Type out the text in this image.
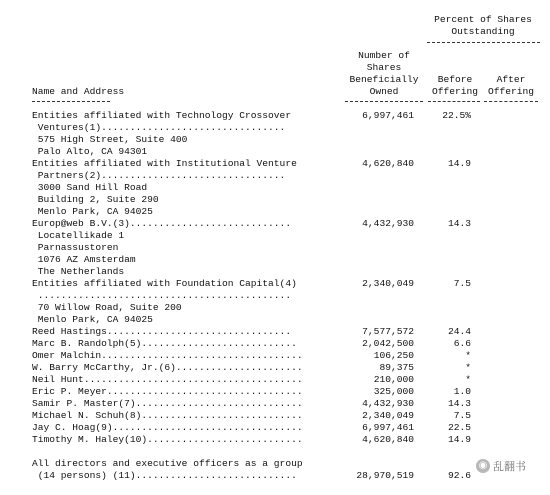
Percent of Shares
Outstanding
Number of
Shares
Beneficially
Owned
Name and Address
Before
Offering
After
Offering
Entities affiliated with Technology Crossover
Ventures(1)................................
575 High Street, Suite 400
Palo Alto, CA 94301
6,997,461	22.5%
Entities affiliated with Institutional Venture
Partners(2)................................
3000 Sand Hill Road
Building 2, Suite 290
Menlo Park, CA 94025
4,620,840	14.9
Europ@web B.V.(3)............................
Locatellikade 1
Parnassustoren
1076 AZ Amsterdam
The Netherlands
4,432,930	14.3
Entities affiliated with Foundation Capital(4)
............................................
70 Willow Road, Suite 200
Menlo Park, CA 94025
2,340,049	7.5
Reed Hastings................................	7,577,572	24.4
Marc B. Randolph(5)...........................	2,042,500	6.6
Omer Malchin...................................	106,250	*
W. Barry McCarthy, Jr.(6)......................	89,375	*
Neil Hunt......................................	210,000	*
Eric P. Meyer..................................	325,000	1.0
Samir P. Master(7).............................	4,432,930	14.3
Michael N. Schuh(8)............................	2,340,049	7.5
Jay C. Hoag(9).................................	6,997,461	22.5
Timothy M. Haley(10)...........................	4,620,840	14.9
All directors and executive officers as a group
(14 persons) (11)............................	28,970,519	92.6
◉ 乱翻书
